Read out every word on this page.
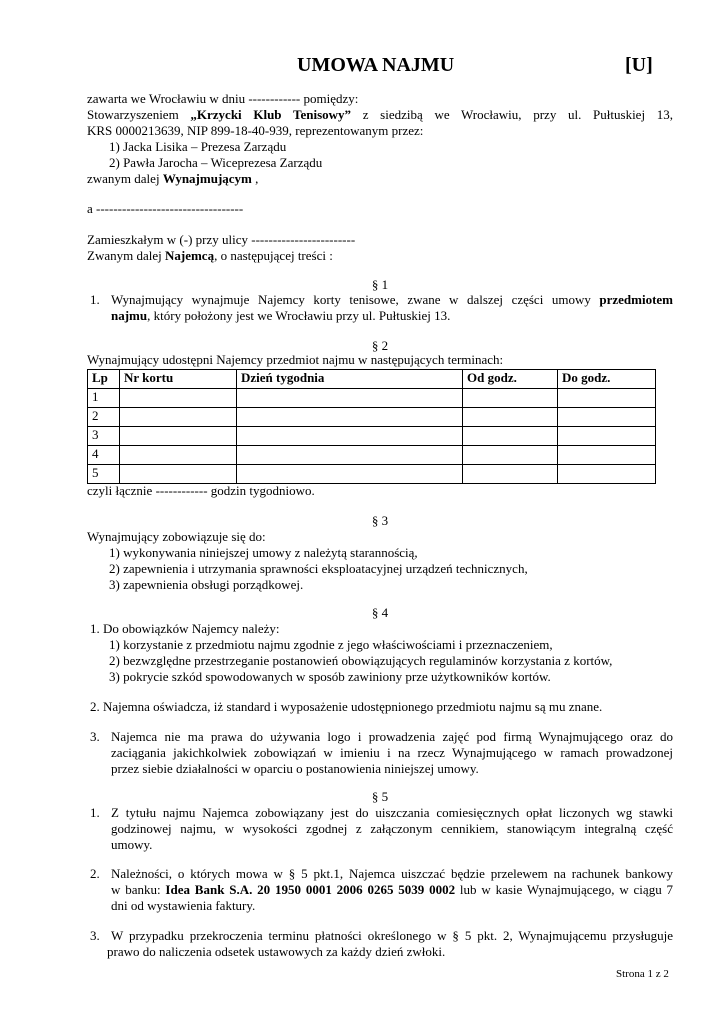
UMOWA NAJMU	[U]
zawarta we Wrocławiu w dniu ------------ pomiędzy:
Stowarzyszeniem „Krzycki Klub Tenisowy” z siedzibą we Wrocławiu, przy ul. Pułtuskiej 13,
KRS 0000213639, NIP 899-18-40-939, reprezentowanym przez:
1) Jacka Lisika – Prezesa Zarządu
2) Pawła Jarocha – Wiceprezesa Zarządu
zwanym dalej Wynajmującym ,
a ----------------------------------
Zamieszkałym w (-) przy ulicy ------------------------
Zwanym dalej Najemcą, o następującej treści :
§ 1
1. Wynajmujący wynajmuje Najemcy korty tenisowe, zwane w dalszej części umowy przedmiotem
najmu, który położony jest we Wrocławiu przy ul. Pułtuskiej 13.
§ 2
Wynajmujący udostępni Najemcy przedmiot najmu w następujących terminach:
Lp	Nr kortu	Dzień tygodnia	Od godz.	Do godz.
1				
2				
3				
4				
5				
czyli łącznie ------------ godzin tygodniowo.
§ 3
Wynajmujący zobowiązuje się do:
1) wykonywania niniejszej umowy z należytą starannością,
2) zapewnienia i utrzymania sprawności eksploatacyjnej urządzeń technicznych,
3) zapewnienia obsługi porządkowej.
§ 4
1. Do obowiązków Najemcy należy:
1) korzystanie z przedmiotu najmu zgodnie z jego właściwościami i przeznaczeniem,
2) bezwzględne przestrzeganie postanowień obowiązujących regulaminów korzystania z kortów,
3) pokrycie szkód spowodowanych w sposób zawiniony prze użytkowników kortów.
2. Najemna oświadcza, iż standard i wyposażenie udostępnionego przedmiotu najmu są mu znane.
3. Najemca nie ma prawa do używania logo i prowadzenia zajęć pod firmą Wynajmującego oraz do
zaciągania jakichkolwiek zobowiązań w imieniu i na rzecz Wynajmującego w ramach prowadzonej
przez siebie działalności w oparciu o postanowienia niniejszej umowy.
§ 5
1. Z tytułu najmu Najemca zobowiązany jest do uiszczania comiesięcznych opłat liczonych wg stawki
godzinowej najmu, w wysokości zgodnej z załączonym cennikiem, stanowiącym integralną część
umowy.
2. Należności, o których mowa w § 5 pkt.1, Najemca uiszczać będzie przelewem na rachunek bankowy
w banku: Idea Bank S.A. 20 1950 0001 2006 0265 5039 0002 lub w kasie Wynajmującego, w ciągu 7
dni od wystawienia faktury.
3. W przypadku przekroczenia terminu płatności określonego w § 5 pkt. 2, Wynajmującemu przysługuje
prawo do naliczenia odsetek ustawowych za każdy dzień zwłoki.
Strona 1 z 2
